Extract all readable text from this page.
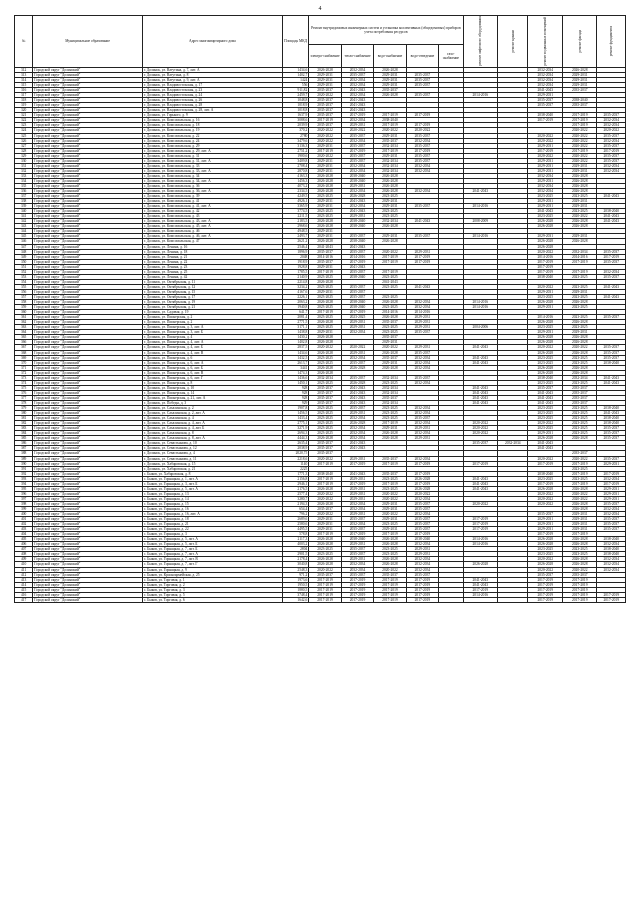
4
№	Муниципальное образование	Адрес многоквартирного дома	Площадь МКД	Ремонт внутридомовых инженерных систем и установка коллективных (общедомовых) приборов учета потребления ресурсов					ремонт лифтового оборудования	ремонт крыши	ремонт подвальных помещений	ремонт фасада	ремонт фундамента
				электро-снабжение	тепло-снабжение	водо-снабжение	водо-отведение	газо-снабжение					
312	Городской округ "Долинский"	г. Долинск, ул. Ватутина, д. 7, лит. А	1434,6	2026-2028	2032-2034	2026-2028					2032-2034	2026-2028	
313	Городской округ "Долинский"	г. Долинск, ул. Ватутина, д. 8	1402,7	2029-2031	2035-2037	2029-2031	2035-2037				2032-2034	2029-2031	
314	Городской округ "Долинский"	г. Долинск, ул. Ватутина, д. 9, лит. А	1424	2029-2031	2032-2034	2029-2031	2035-2037				2032-2034	2029-2031	
315	Городской округ "Долинский"	г. Долинск, ул. Владивостокская, д. 17	556	2029-2031	2032-2034	2029-2031	2035-2037				2032-2034	2029-2031	
316	Городской округ "Долинский"	г. Долинск, ул. Владивостокская, д. 23	911,82	2035-2037	2041-2043	2035-2037					2041-2043	2035-2037	
317	Городской округ "Долинский"	г. Долинск, ул. Владивостокская, д. 24	2459,7	2020-2022	2032-2034	2026-2028	2035-2037		2014-2016		2029-2031		
318	Городской округ "Долинский"	г. Долинск, ул. Владивостокская, д. 26	1048,8	2035-2037	2041-2043						2035-2037	2038-2040	
319	Городской округ "Долинский"	г. Долинск, ул. Владивостокская, д. 28	1018,9	2035-2037	2041-2043						2035-2037	2035-2037	
320	Городской округ "Долинский"	г. Долинск, ул. Владивостокская, д. 28, лит. А	1018,8	2035-2037	2041-2043								
321	Городской округ "Долинский"	г. Долинск, ул. Горького, д. 9	1637,9	2035-2037	2017-2019	2017-2019	2017-2019				2038-2040	2017-2019	2035-2037
322	Городской округ "Долинский"	г. Долинск, ул. Комсомольская, д. 16	3088,6	2017-2019	2032-2034	2038-2040					2017-2019	2017-2019	2032-2034
323	Городской округ "Долинский"	г. Долинск, ул. Комсомольская, д. 18	2039,9	2035-2037	2029-2031	2017-2019	2017-2019					2017-2019	2032-2034
324	Городской округ "Долинский"	г. Долинск, ул. Комсомольская, д. 19	370,2	2020-2022	2020-2022	2020-2022	2020-2022					2020-2022	2020-2022
325	Городской округ "Долинский"	г. Долинск, ул. Комсомольская, д. 22	2780	2020-2022	2035-2037	2029-2031	2035-2037				2020-2022	2020-2022	2035-2037
326	Городской округ "Долинский"	г. Долинск, ул. Комсомольская, д. 24	3479,6	2020-2022	2032-2034	2035-2037	2032-2034				2020-2022	2020-2022	2032-2034
327	Городской округ "Долинский"	г. Долинск, ул. Комсомольская, д. 29	3136,3	2029-2031	2035-2037	2032-2034	2035-2037				2029-2031	2020-2022	2035-2037
328	Городской округ "Долинский"	г. Долинск, ул. Комсомольская, д. 29, лит. А	2751,2	2017-2019	2017-2019	2017-2019	2017-2019				2017-2019	2017-2019	2017-2019
329	Городской округ "Долинский"	г. Долинск, ул. Комсомольская, д. 31	1900,6	2020-2022	2035-2037	2029-2031	2035-2037				2020-2022	2020-2022	2035-2037
330	Городской округ "Долинский"	г. Долинск, ул. Комсомольская, д. 31, лит. А	3409,8	2029-2031	2035-2037	2032-2034	2035-2037				2029-2031	2020-2022	2035-2037
331	Городской округ "Долинский"	г. Долинск, ул. Комсомольская, д. 33	2708,4	2029-2031	2032-2034	2032-2034	2032-2034				2029-2031	2029-2031	2032-2034
332	Городской округ "Долинский"	г. Долинск, ул. Комсомольская, д. 33, лит. А	2870,8	2029-2031	2032-2034	2032-2034	2032-2034				2029-2031	2029-2031	2032-2034
333	Городской округ "Долинский"	г. Долинск, ул. Комсомольская, д. 34	4163,3	2026-2028	2038-2040	2026-2028					2032-2034	2026-2028	
334	Городской округ "Долинский"	г. Долинск, ул. Комсомольская, д. 34, лит. А	1456,3	2026-2028	2038-2040	2026-2028					2029-2031	2026-2028	
335	Городской округ "Долинский"	г. Долинск, ул. Комсомольская, д. 36	4073,2	2026-2028	2029-2031	2026-2028					2032-2034	2026-2028	
336	Городской округ "Долинский"	г. Долинск, ул. Комсомольская, д. 36, лит. А	2334,5	2026-2028	2032-2034	2026-2028	2032-2034		2041-2043		2032-2034	2026-2028	
337	Городской округ "Долинский"	г. Долинск, ул. Комсомольская, д. 39	4249,5	2023-2025	2026-2028	2023-2025					2023-2025	2023-2025	2041-2043
338	Городской округ "Долинский"	г. Долинск, ул. Комсомольская, д. 41	4926,1	2029-2031	2041-2043	2029-2031					2029-2031	2029-2031	
339	Городской округ "Долинский"	г. Долинск, ул. Комсомольская, д. 41, лит. А	3365,9	2029-2031	2032-2034	2029-2031	2035-2037		2014-2016		2029-2031	2029-2031	
340	Городской округ "Долинский"	г. Долинск, ул. Комсомольская, д. 42	3774,5	2023-2025	2041-2043	2023-2025					2041-2043	2023-2025	2038-2040
341	Городской округ "Долинский"	г. Долинск, ул. Комсомольская, д. 43	2211,5	2023-2025	2029-2031	2023-2025					2023-2025	2020-2022	2041-2043
342	Городской округ "Долинский"	г. Долинск, ул. Комсомольская, д. 43, лит. А	2183,5	2026-2028	2038-2040	2032-2034	2041-2043		2008-2009		2026-2028	2026-2028	2041-2043
343	Городской округ "Долинский"	г. Долинск, ул. Комсомольская, д. 45, лит. А	2968,6	2026-2028	2038-2040	2026-2028					2026-2028	2026-2028	
344	Городской округ "Долинский"	г. Долинск, ул. Комсомольская, д. 46	4948,5	2029-2031									
345	Городской округ "Долинский"	г. Долинск, ул. Комсомольская, д. 46, лит. А	2493,7	2029-2031	2035-2037	2029-2031	2035-2037		2014-2016		2029-2031	2029-2031	
346	Городской округ "Долинский"	г. Долинск, ул. Комсомольская, д. 47	2621,2	2026-2028	2038-2040	2026-2028					2026-2028	2026-2028	
347	Городской округ "Долинский"	г. Долинск, ул. Ленина, д. 16	2546,4	2041-2043	2041-2043						2026-2028		
348	Городской округ "Долинский"	г. Долинск, ул. Ленина, д. 18	1896,9	2035-2037	2035-2037	2020-2022	2029-2031				2020-2022	2032-2034	2035-2037
349	Городской округ "Долинский"	г. Долинск, ул. Ленина, д. 21	2048	2014-2016	2014-2016	2017-2019	2017-2019				2014-2016	2014-2016	2017-2019
350	Городской округ "Долинский"	г. Долинск, ул. Ленина, д. 22	1918,9	2035-2037	2017-2019	2017-2019	2017-2019				2017-2019	2017-2019	2035-2037
351	Городской округ "Долинский"	г. Долинск, ул. Ленина, д. 23	1928,8	2029-2031	2041-2043						2017-2019		
352	Городской округ "Долинский"	г. Долинск, ул. Ленина, д. 25	1785,5	2017-2019	2035-2037	2017-2019					2017-2019	2017-2019	2032-2034
353	Городской округ "Долинский"	г. Долинск, ул. Ленина, д. 42	2140,9	2023-2025	2038-2040	2023-2025					2038-2040	2023-2025	2035-2037
354	Городской округ "Долинский"	г. Долинск, ул. Октябрьская, д. 11	2214,8	2026-2028		2041-2043							
355	Городской округ "Долинский"	г. Долинск, ул. Октябрьская, д. 12	3234,2	2023-2025	2035-2037	2023-2025	2041-2043				2020-2022	2023-2025	2041-2043
356	Городской округ "Долинский"	г. Долинск, ул. Октябрьская, д. 15	4167,6	2029-2031	2035-2037						2029-2031	2029-2031	
357	Городской округ "Долинский"	г. Долинск, ул. Октябрьская, д. 17	2226,1	2023-2025	2035-2037	2023-2025					2023-2025	2023-2025	2041-2043
358	Городской округ "Долинский"	г. Долинск, ул. Октябрьская, д. 19	2063,2	2026-2028	2038-2040	2026-2028	2032-2034		2014-2016		2026-2028	2026-2028	
359	Городской округ "Долинский"	г. Долинск, ул. Октябрьская, д. 21	1940,8	2023-2025	2038-2040	2023-2025	2032-2034		2014-2016		2029-2031	2023-2025	
360	Городской округ "Долинский"	г. Долинск, ул. Садовая, д. 19	641,7	2017-2019	2017-2019	2014-2016	2014-2016						
361	Городской округ "Долинский"	г. Долинск, ул. Пионерская, д. 2	2081,4	2023-2025	2023-2025	2026-2028	2029-2031				2014-2016	2023-2025	2035-2037
362	Городской округ "Долинский"	г. Долинск, ул. Пионерская, д. 2	2771,5	2026-2028	2029-2031	2035-2037	2029-2031				2026-2028	2026-2028	
363	Городской округ "Долинский"	г. Долинск, ул. Пионерская, д. 3, лит. А	3171,1	2023-2025	2029-2031	2023-2025	2029-2031		2004-2006		2023-2025	2023-2025	
364	Городской округ "Долинский"	г. Долинск, ул. Пионерская, д. 3, лит. Б	1438,8	2029-2031	2032-2034	2023-2025	2035-2037				2029-2031	2029-2031	
365	Городской округ "Долинский"	г. Долинск, ул. Пионерская, д. 4	1430,2	2026-2028		2035-2037					2026-2028	2026-2028	
366	Городской округ "Долинский"	г. Долинск, ул. Пионерская, д. 4, лит. А	1402,8	2026-2028		2029-2031					2026-2028	2026-2028	
367	Городской округ "Долинский"	г. Долинск, ул. Пионерская, д. 4, лит. Б	2837,5	2020-2022	2020-2022	2020-2022	2029-2031		2041-2043		2020-2022	2020-2022	2035-2037
368	Городской округ "Долинский"	г. Долинск, ул. Пионерская, д. 4, лит. В	1434,6	2026-2028	2029-2031	2026-2028	2035-2037				2026-2028	2026-2028	2035-2037
369	Городской округ "Долинский"	г. Долинск, ул. Пионерская, д. 6	1432,5	2023-2025	2032-2034	2035-2037	2032-2034		2041-2043		2023-2025	2023-2025	2035-2037
370	Городской округ "Долинский"	г. Долинск, ул. Пионерская, д. 6, лит. А	2613,7	2023-2025	2035-2037	2029-2031	2032-2034		2041-2043		2023-2025	2023-2025	2038-2040
371	Городской округ "Долинский"	г. Долинск, ул. Пионерская, д. 6, лит. Б	3441	2026-2028	2026-2028	2026-2028	2032-2034				2026-2028	2026-2028	
372	Городской округ "Долинский"	г. Долинск, ул. Пионерская, д. 6, лит. В	1474,3	2026-2028							2026-2028	2026-2028	
373	Городской округ "Долинский"	г. Долинск, ул. Пионерская, д. 6, лит. Г	1436,6	2032-2034	2035-2037	2032-2034	2035-2037				2038-2040	2032-2034	2041-2043
374	Городской округ "Долинский"	г. Долинск, ул. Пионерская, д. 8	1450,1	2023-2025	2026-2028	2023-2025	2032-2034				2023-2025	2023-2025	2041-2043
375	Городской округ "Долинский"	г. Долинск, ул. Пионерская, д. 10	928	2035-2037	2041-2043	2032-2034			2041-2043		2035-2037	2035-2037	
376	Городской округ "Долинский"	г. Долинск, ул. Пионерская, д. 14	928	2035-2037	2041-2043	2032-2034			2041-2043		2041-2043	2035-2037	
377	Городской округ "Долинский"	г. Долинск, ул. Пионерская, д. 21, лит. А	928	2035-2037	2041-2043	2035-2037			2041-2043		2041-2043	2035-2037	
378	Городской округ "Долинский"	г. Долинск, ул. Победы, д. 3	929	2035-2037	2041-2043	2032-2034			2041-2043		2041-2043	2035-2037	
379	Городской округ "Долинский"	г. Долинск, ул. Сахалинская, д. 2	1907,8	2023-2025	2035-2037	2023-2025	2032-2034				2023-2025	2023-2025	2038-2040
380	Городской округ "Долинский"	г. Долинск, ул. Сахалинская, д. 2, лит. А	1456,5	2023-2025	2029-2031	2023-2025	2032-2034				2023-2025	2023-2025	2041-2043
381	Городской округ "Долинский"	г. Долинск, ул. Сахалинская, д. 4	1433,4	2023-2025	2032-2034	2023-2025	2035-2037				2023-2025	2023-2025	2038-2040
382	Городской округ "Долинский"	г. Долинск, ул. Сахалинская, д. 4, лит. А	2775,1	2023-2025	2026-2028	2017-2019	2032-2034		2020-2022		2020-2022	2023-2025	2038-2040
383	Городской округ "Долинский"	г. Долинск, ул. Сахалинская, д. 4, лит. Б	3271,9	2023-2025	2032-2034	2029-2031	2029-2031		2020-2022		2023-2025	2023-2025	2035-2037
384	Городской округ "Долинский"	г. Долинск, ул. Сахалинская, д. 8	2694,3	2023-2025	2032-2034	2026-2028	2032-2034		2020-2022		2029-2031	2023-2025	2035-2037
385	Городской округ "Долинский"	г. Долинск, ул. Сахалинская, д. 8, лит. А	4444,3	2026-2028	2032-2034	2026-2028	2029-2031				2026-2028	2026-2028	2035-2037
386	Городской округ "Долинский"	г. Долинск, ул. Севастьянова, д. 10	2635,4	2035-2037	2041-2043				2035-2037	2032-2034	2041-2043		
387	Городской округ "Долинский"	г. Долинск, ул. Севастьянова, д. 12	2038,9	2035-2037	2041-2043						2041-2043		
388	Городской округ "Долинский"	г. Долинск, ул. Севастьянова, д. 4	2020,75	2035-2037								2035-2037	
389	Городской округ "Долинский"	г. Долинск, ул. Севастьянова, д. 11	2218,6	2020-2022	2029-2031	2035-2037	2032-2034				2020-2022	2020-2022	2035-2037
390	Городской округ "Долинский"	г. Долинск, ул. Хабаровская, д. 15	1140	2017-2019	2017-2019	2017-2019	2017-2019		2017-2019		2017-2019	2017-2019	2029-2031
391	Городской округ "Долинский"	г. Долинск, ул. Хабаровская, д. 21	2225									2023-2025	
392	Городской округ "Долинский"	с. Быков, ул. Хабаровская, д. 8	1771,3	2038-2040	2041-2043	2035-2037	2017-2019				2038-2040	2017-2019	2017-2019
393	Городской округ "Долинский"	с. Быков, ул. Горняцкая, д. 1, лит. А	2156,8	2017-2019	2029-2031	2023-2025	2026-2028		2041-2043		2023-2025	2023-2025	2032-2034
394	Городской округ "Долинский"	с. Быков, ул. Горняцкая, д. 3, лит. Б	2946,1	2017-2019	2017-2019	2017-2019	2017-2019		2041-2043		2017-2019	2017-2019	2017-2019
395	Городской округ "Долинский"	с. Быков, ул. Горняцкая, д. 5, лит. А	2176,5	2026-2028	2029-2031	2023-2025	2026-2028		2041-2043		2026-2028	2026-2028	2029-2031
396	Городской округ "Долинский"	с. Быков, ул. Горняцкая, д. 13	2577,4	2020-2022	2029-2031	2020-2022	2020-2022				2020-2022	2020-2022	2029-2031
397	Городской округ "Долинский"	с. Быков, ул. Горняцкая, д. 14	3280,7	2020-2022	2029-2031	2020-2022	2032-2034				2020-2022	2020-2022	2029-2031
398	Городской округ "Долинский"	с. Быков, ул. Горняцкая, д. 15	2194,3	2026-2028	2032-2034	2029-2031	2035-2037		2020-2022		2020-2022	2026-2028	2035-2037
399	Городской округ "Долинский"	с. Быков, ул. Горняцкая, д. 16	654,4	2035-2037	2032-2034	2029-2031	2035-2037					2026-2028	2032-2034
400	Городской округ "Долинский"	с. Быков, ул. Горняцкая, д. 16, лит. А	796,2	2020-2022	2029-2031	2020-2022	2032-2034				2035-2037	2029-2031	2032-2034
401	Городской округ "Долинский"	с. Быков, ул. Горняцкая, д. 18	2689,6	2029-2031	2035-2037	2029-2031	2035-2037		2017-2019		2029-2031	2029-2031	2035-2037
402	Городской округ "Долинский"	с. Быков, ул. Горняцкая, д. 21	2580,6	2029-2031	2032-2034	2023-2025	2035-2037		2017-2019		2029-2031	2029-2031	2035-2037
403	Городской округ "Долинский"	с. Быков, ул. Горняцкая, д. 22	4495,5	2029-2031	2035-2037	2029-2031	2035-2037		2017-2019		2029-2031	2029-2031	2035-2037
404	Городской округ "Долинский"	с. Быков, ул. Горняцкая, д. 3	578,8	2017-2019	2017-2019	2017-2019	2017-2019				2017-2019	2017-2019	
405	Городской округ "Долинский"	с. Быков, ул. Горняцкая, д. 5, лит. А	2117,3	2026-2028	2038-2040	2026-2028	2038-2040		2014-2016		2026-2028	2026-2028	2038-2040
406	Городской округ "Долинский"	с. Быков, ул. Горняцкая, д. 5, лит. Б	4003,2	2026-2028	2029-2031	2026-2028	2032-2034		2014-2016		2026-2028	2026-2028	2032-2034
407	Городской округ "Долинский"	с. Быков, ул. Горняцкая, д. 7, лит. Б	2804	2023-2025	2035-2037	2023-2025	2029-2031				2023-2025	2023-2025	2038-2040
408	Городской округ "Долинский"	с. Быков, ул. Горняцкая, д. 7, лит. А	2901,5	2023-2025	2035-2037	2023-2025	2029-2031				2023-2025	2023-2025	2038-2040
409	Городской округ "Долинский"	с. Быков, ул. Горняцкая, д. 7, лит. В	2178,4	2026-2028	2029-2031	2026-2028	2032-2034				2020-2022	2026-2028	2032-2034
410	Городской округ "Долинский"	с. Быков, ул. Горняцкая, д. 7, лит. Г	3040,8	2026-2028	2032-2034	2026-2028	2032-2034		2026-2028		2026-2028	2026-2028	2032-2034
411	Городской округ "Долинский"	с. Быков, ул. Горняцкая, д. 9	2548,3	2020-2022	2032-2034	2020-2022	2032-2034				2020-2022	2020-2022	2032-2034
412	Городской округ "Долинский"	с. Быков, ул. Красноармейская, д. 25	971,2	2035-2037	2035-2037	2035-2037	2035-2037				2035-2037	2035-2037	
413	Городской округ "Долинский"	с. Быков, ул. Торговая, д. 1	1973,6	2017-2019	2017-2019	2017-2019	2017-2019		2041-2043		2017-2019	2017-2019	
414	Городской округ "Долинский"	с. Быков, ул. Торговая, д. 2	1950,5	2017-2019	2017-2019	2017-2019	2017-2019		2041-2043		2017-2019	2017-2019	
415	Городской округ "Долинский"	с. Быков, ул. Торговая, д. 3	1880,5	2017-2019	2017-2019	2017-2019	2017-2019		2017-2019		2017-2019	2017-2019	
416	Городской округ "Долинский"	с. Быков, ул. Торговая, д. 5	3748,4	2017-2019	2017-2019	2017-2019	2017-2019		2014-2016		2017-2019	2017-2019	2017-2019
417	Городской округ "Долинский"	с. Быков, ул. Торговая, д. 6	1642,6	2017-2019	2017-2019	2017-2019	2017-2019				2017-2019	2017-2019	2017-2019
